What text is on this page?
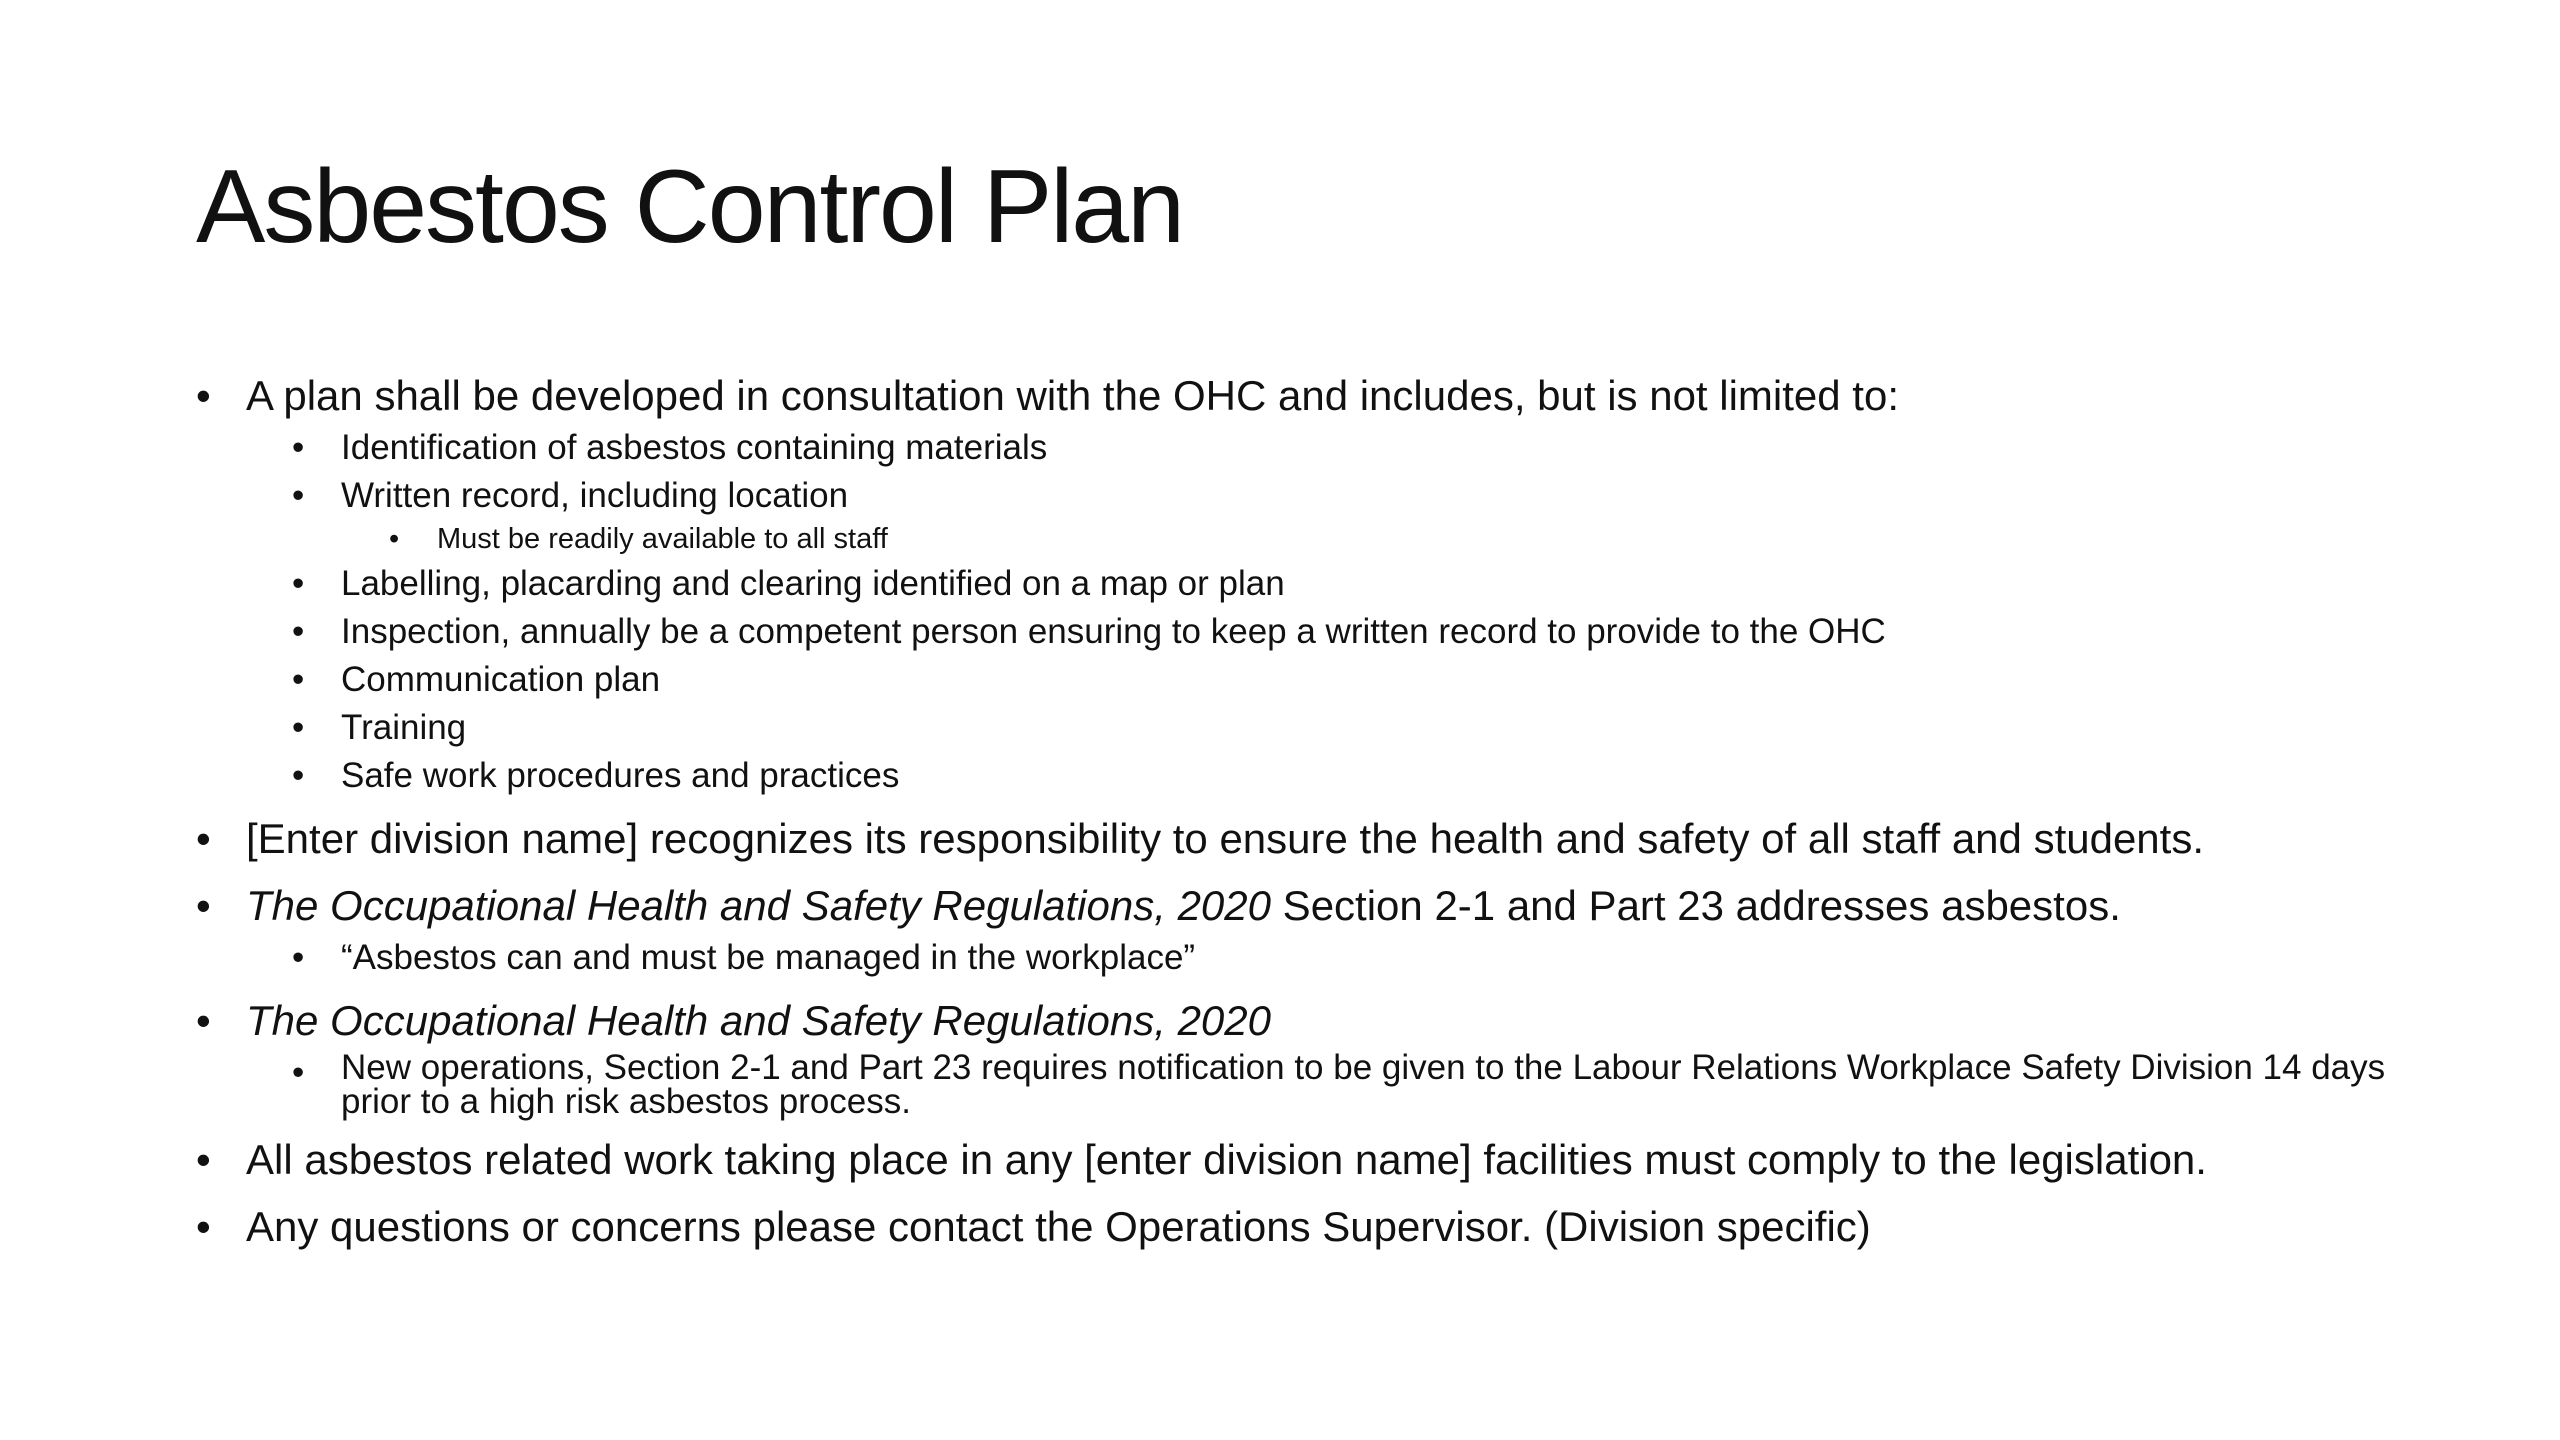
Asbestos Control Plan
• A plan shall be developed in consultation with the OHC and includes, but is not limited to:
•	Identification of asbestos containing materials
•	Written record, including location
•	Must be readily available to all staff
•	Labelling, placarding and clearing identified on a map or plan
•	Inspection, annually be a competent person ensuring to keep a written record to provide to the OHC
•	Communication plan
•	Training
•	Safe work procedures and practices
• [Enter division name] recognizes its responsibility to ensure the health and safety of all staff and students.
• The Occupational Health and Safety Regulations, 2020 Section 2-1 and Part 23 addresses asbestos.
•	“Asbestos can and must be managed in the workplace”
• The Occupational Health and Safety Regulations, 2020
•	New operations, Section 2-1 and Part 23 requires notification to be given to the Labour Relations Workplace Safety Division 14 days prior to a high risk asbestos process.
• All asbestos related work taking place in any [enter division name] facilities must comply to the legislation.
• Any questions or concerns please contact the Operations Supervisor. (Division specific)
